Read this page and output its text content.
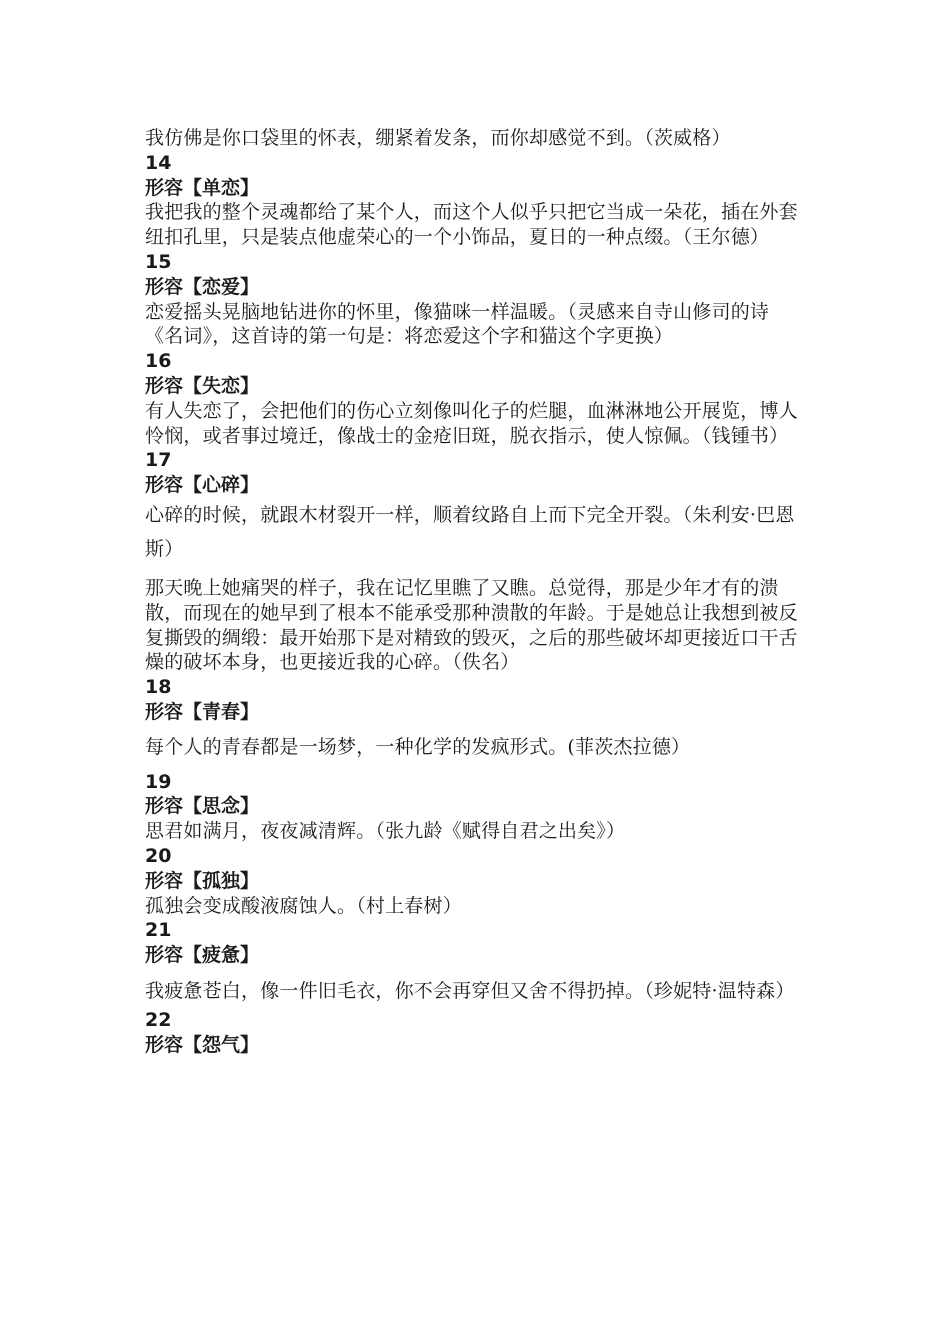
我仿佛是你口袋里的怀表，绷紧着发条，而你却感觉不到。（茨威格）

14
形容【单恋】

我把我的整个灵魂都给了某个人，而这个人似乎只把它当成一朵花，插在外套纽扣孔里，只是装点他虚荣心的一个小饰品，夏日的一种点缀。（王尔德）

15
形容【恋爱】

恋爱摇头晃脑地钻进你的怀里，像猫咪一样温暖。（灵感来自寺山修司的诗《名词》，这首诗的第一句是：将恋爱这个字和猫这个字更换）

16
形容【失恋】

有人失恋了，会把他们的伤心立刻像叫化子的烂腿，血淋淋地公开展览，博人怜悯，或者事过境迁，像战士的金疮旧斑，脱衣指示，使人惊佩。（钱锺书）

17
形容【心碎】

心碎的时候，就跟木材裂开一样，顺着纹路自上而下完全开裂。（朱利安·巴恩斯）

那天晚上她痛哭的样子，我在记忆里瞧了又瞧。总觉得，那是少年才有的溃散，而现在的她早到了根本不能承受那种溃散的年龄。于是她总让我想到被反复撕毁的绸缎：最开始那下是对精致的毁灭，之后的那些破坏却更接近口干舌燥的破坏本身，也更接近我的心碎。（佚名）

18
形容【青春】

每个人的青春都是一场梦，一种化学的发疯形式。(菲茨杰拉德）

19
形容【思念】

思君如满月，夜夜减清辉。（张九龄《赋得自君之出矣》）

20
形容【孤独】

孤独会变成酸液腐蚀人。（村上春树）

21
形容【疲惫】

我疲惫苍白，像一件旧毛衣，你不会再穿但又舍不得扔掉。（珍妮特·温特森）

22
形容【怨气】
